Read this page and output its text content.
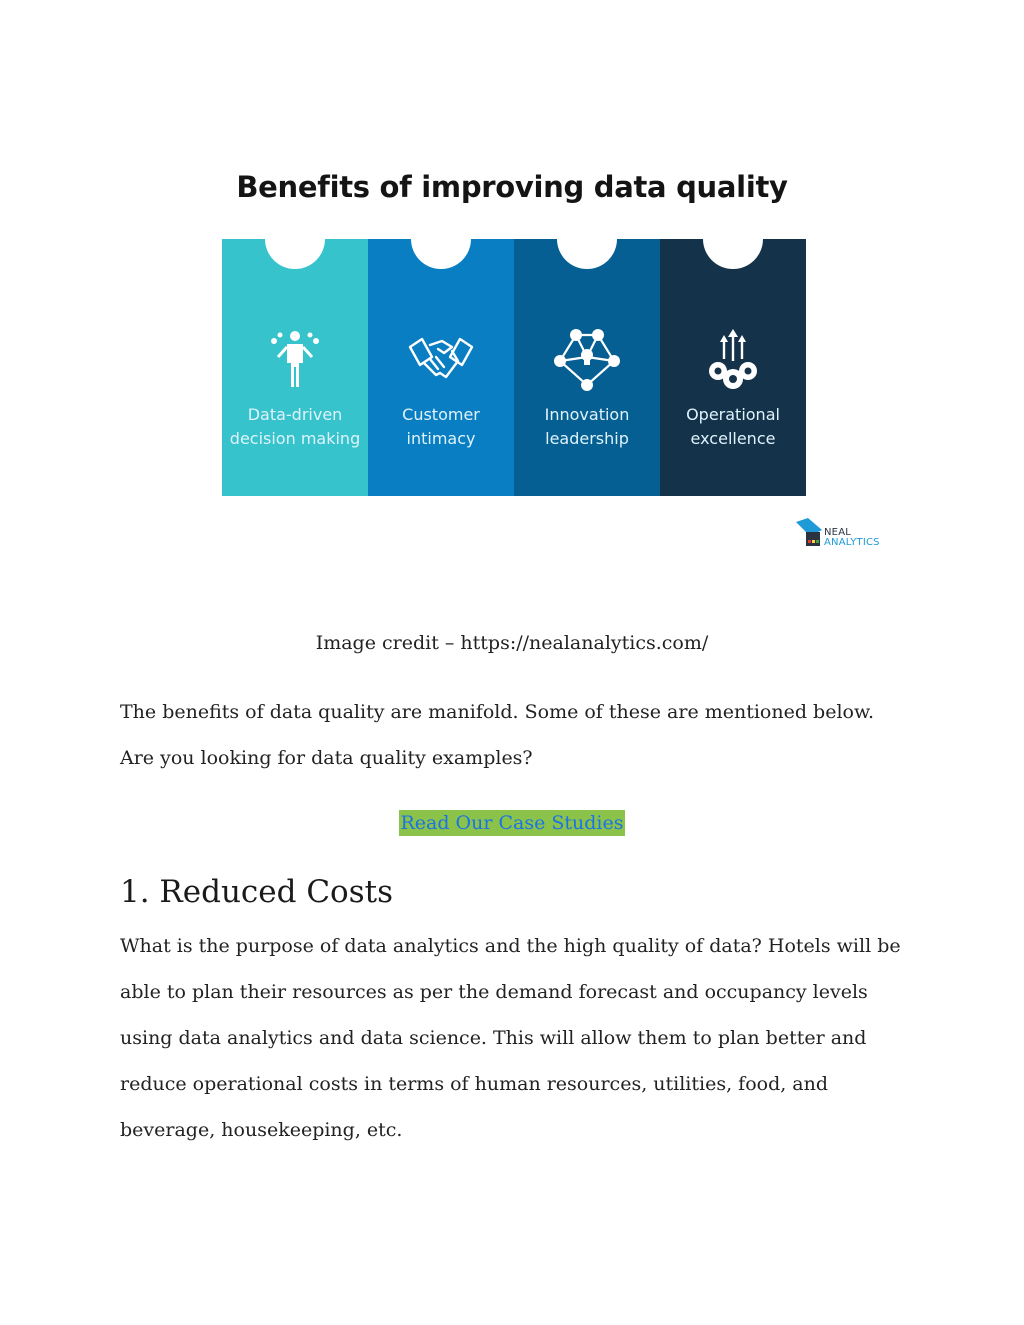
Benefits of improving data quality
Data-driven
decision making
Customer
intimacy
Innovation
leadership
Operational
excellence
NEAL
ANALYTICS
Image credit – https://nealanalytics.com/

The benefits of data quality are manifold. Some of these are mentioned below. Are you looking for data quality examples?

Read Our Case Studies
1. Reduced Costs

What is the purpose of data analytics and the high quality of data? Hotels will be able to plan their resources as per the demand forecast and occupancy levels using data analytics and data science. This will allow them to plan better and reduce operational costs in terms of human resources, utilities, food, and beverage, housekeeping, etc.
